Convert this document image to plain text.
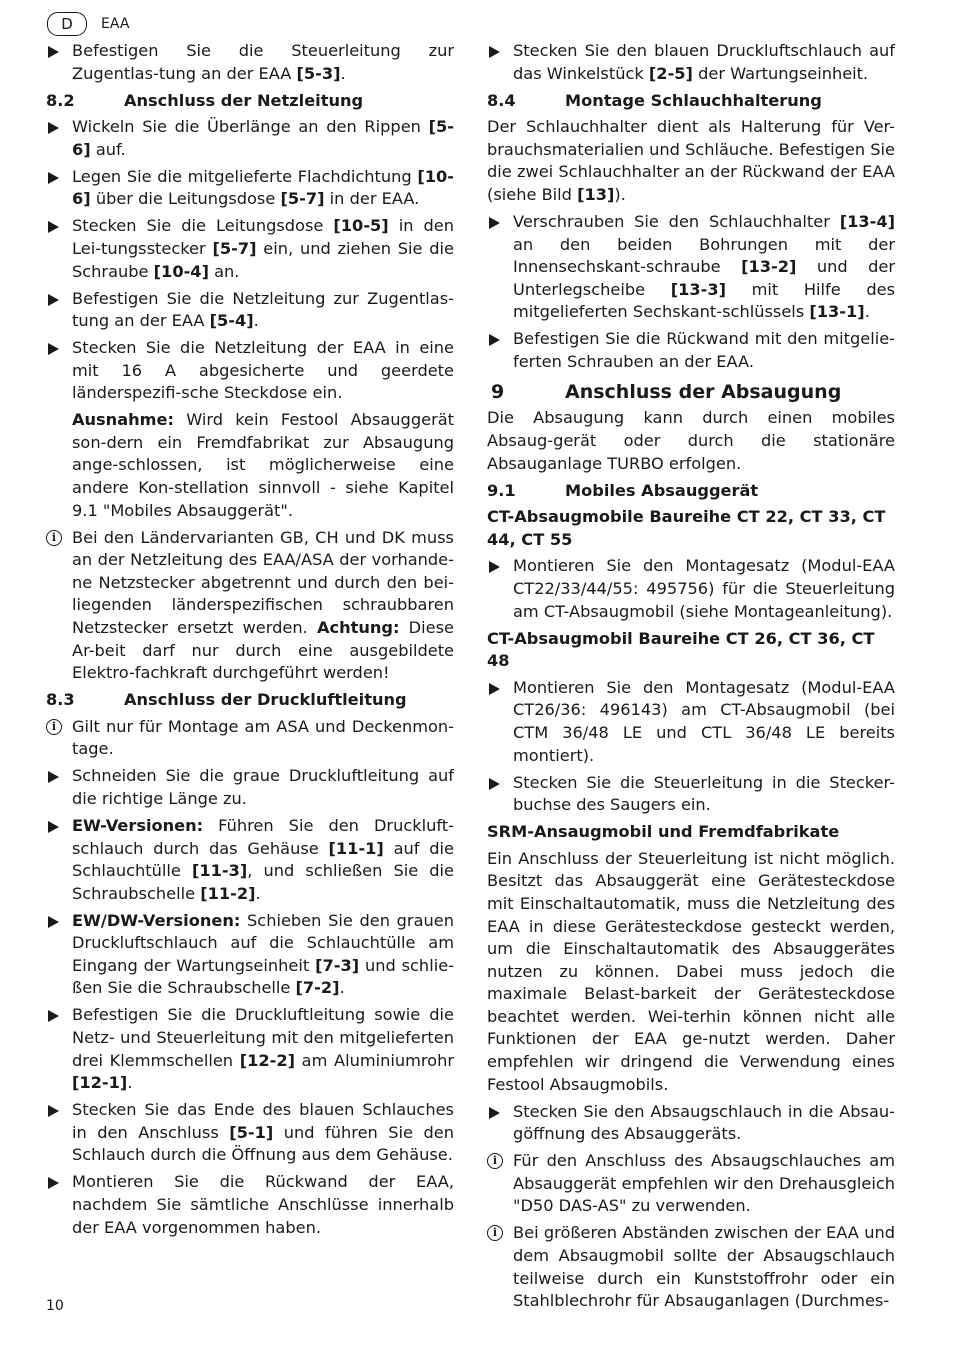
D	EAA
Befestigen Sie die Steuerleitung zur Zugentlas-tung an der EAA [5-3].
8.2	Anschluss der Netzleitung
Wickeln Sie die Überlänge an den Rippen [5-6] auf.
Legen Sie die mitgelieferte Flachdichtung [10-6] über die Leitungsdose [5-7] in der EAA.
Stecken Sie die Leitungsdose [10-5] in den Lei-tungsstecker [5-7] ein, und ziehen Sie die Schraube [10-4] an.
Befestigen Sie die Netzleitung zur Zugentlas-tung an der EAA [5-4].
Stecken Sie die Netzleitung der EAA in eine mit 16 A abgesicherte und geerdete länderspezifi-sche Steckdose ein.

Ausnahme: Wird kein Festool Absauggerät son-dern ein Fremdfabrikat zur Absaugung ange-schlossen, ist möglicherweise eine andere Kon-stellation sinnvoll - siehe Kapitel 9.1 "Mobiles Absauggerät".

i Bei den Ländervarianten GB, CH und DK muss an der Netzleitung des EAA/ASA der vorhande-ne Netzstecker abgetrennt und durch den bei-liegenden länderspezifischen schraubbaren Netzstecker ersetzt werden. Achtung: Diese Ar-beit darf nur durch eine ausgebildete Elektro-fachkraft durchgeführt werden!
8.3	Anschluss der Druckluftleitung
i Gilt nur für Montage am ASA und Deckenmon-tage.
Schneiden Sie die graue Druckluftleitung auf die richtige Länge zu.
EW-Versionen: Führen Sie den Druckluft-schlauch durch das Gehäuse [11-1] auf die Schlauchtülle [11-3], und schließen Sie die Schraubschelle [11-2].
EW/DW-Versionen: Schieben Sie den grauen Druckluftschlauch auf die Schlauchtülle am Eingang der Wartungseinheit [7-3] und schlie-ßen Sie die Schraubschelle [7-2].
Befestigen Sie die Druckluftleitung sowie die Netz- und Steuerleitung mit den mitgelieferten drei Klemmschellen [12-2] am Aluminiumrohr [12-1].
Stecken Sie das Ende des blauen Schlauches in den Anschluss [5-1] und führen Sie den Schlauch durch die Öffnung aus dem Gehäuse.
Montieren Sie die Rückwand der EAA, nachdem Sie sämtliche Anschlüsse innerhalb der EAA vorgenommen haben.
Stecken Sie den blauen Druckluftschlauch auf das Winkelstück [2-5] der Wartungseinheit.
8.4	Montage Schlauchhalterung

Der Schlauchhalter dient als Halterung für Ver-brauchsmaterialien und Schläuche. Befestigen Sie die zwei Schlauchhalter an der Rückwand der EAA (siehe Bild [13]).

Verschrauben Sie den Schlauchhalter [13-4] an den beiden Bohrungen mit der Innensechskant-schraube [13-2] und der Unterlegscheibe [13-3] mit Hilfe des mitgelieferten Sechskant-schlüssels [13-1].
Befestigen Sie die Rückwand mit den mitgelie-ferten Schrauben an der EAA.
9	Anschluss der Absaugung

Die Absaugung kann durch einen mobiles Absaug-gerät oder durch die stationäre Absauganlage TURBO erfolgen.

9.1	Mobiles Absauggerät
CT-Absaugmobile Baureihe CT 22, CT 33, CT 44, CT 55
Montieren Sie den Montagesatz (Modul-EAA CT22/33/44/55: 495756) für die Steuerleitung am CT-Absaugmobil (siehe Montageanleitung).
CT-Absaugmobil Baureihe CT 26, CT 36, CT 48
Montieren Sie den Montagesatz (Modul-EAA CT26/36: 496143) am CT-Absaugmobil (bei CTM 36/48 LE und CTL 36/48 LE bereits montiert).
Stecken Sie die Steuerleitung in die Stecker-buchse des Saugers ein.
SRM-Ansaugmobil und Fremdfabrikate

Ein Anschluss der Steuerleitung ist nicht möglich. Besitzt das Absauggerät eine Gerätesteckdose mit Einschaltautomatik, muss die Netzleitung des EAA in diese Gerätesteckdose gesteckt werden, um die Einschaltautomatik des Absauggerätes nutzen zu können. Dabei muss jedoch die maximale Belast-barkeit der Gerätesteckdose beachtet werden. Wei-terhin können nicht alle Funktionen der EAA ge-nutzt werden. Daher empfehlen wir dringend die Verwendung eines Festool Absaugmobils.

Stecken Sie den Absaugschlauch in die Absau-göffnung des Absauggeräts.
i Für den Anschluss des Absaugschlauches am Absauggerät empfehlen wir den Drehausgleich "D50 DAS-AS" zu verwenden.
i Bei größeren Abständen zwischen der EAA und dem Absaugmobil sollte der Absaugschlauch teilweise durch ein Kunststoffrohr oder ein Stahlblechrohr für Absauganlagen (Durchmes-
10
